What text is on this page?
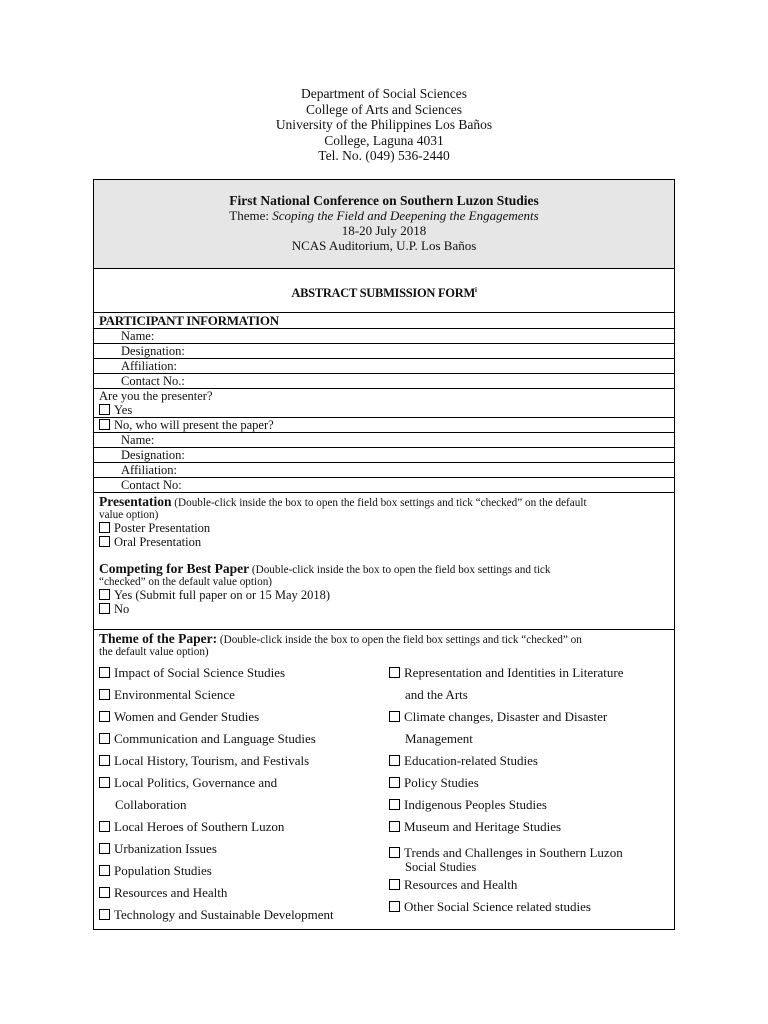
Department of Social Sciences
College of Arts and Sciences
University of the Philippines Los Baños
College, Laguna 4031
Tel. No. (049) 536-2440
First National Conference on Southern Luzon Studies
Theme: Scoping the Field and Deepening the Engagements
18-20 July 2018
NCAS Auditorium, U.P. Los Baños
ABSTRACT SUBMISSION FORM$^i$
PARTICIPANT INFORMATION
Name:
Designation:
Affiliation:
Contact No.:
Are you the presenter?
Yes
No, who will present the paper?
Name:
Designation:
Affiliation:
Contact No:
Presentation (Double-click inside the box to open the field box settings and tick “checked” on the default
value option)
Poster Presentation
Oral Presentation
Competing for Best Paper (Double-click inside the box to open the field box settings and tick
“checked” on the default value option)
Yes (Submit full paper on or 15 May 2018)
No
Theme of the Paper: (Double-click inside the box to open the field box settings and tick “checked” on
the default value option)
Impact of Social Science Studies
Environmental Science
Women and Gender Studies
Communication and Language Studies
Local History, Tourism, and Festivals
Local Politics, Governance and
Collaboration
Local Heroes of Southern Luzon
Urbanization Issues
Population Studies
Resources and Health
Technology and Sustainable Development
Representation and Identities in Literature
and the Arts
Climate changes, Disaster and Disaster
Management
Education-related Studies
Policy Studies
Indigenous Peoples Studies
Museum and Heritage Studies
Trends and Challenges in Southern Luzon
Social Studies
Resources and Health
Other Social Science related studies
